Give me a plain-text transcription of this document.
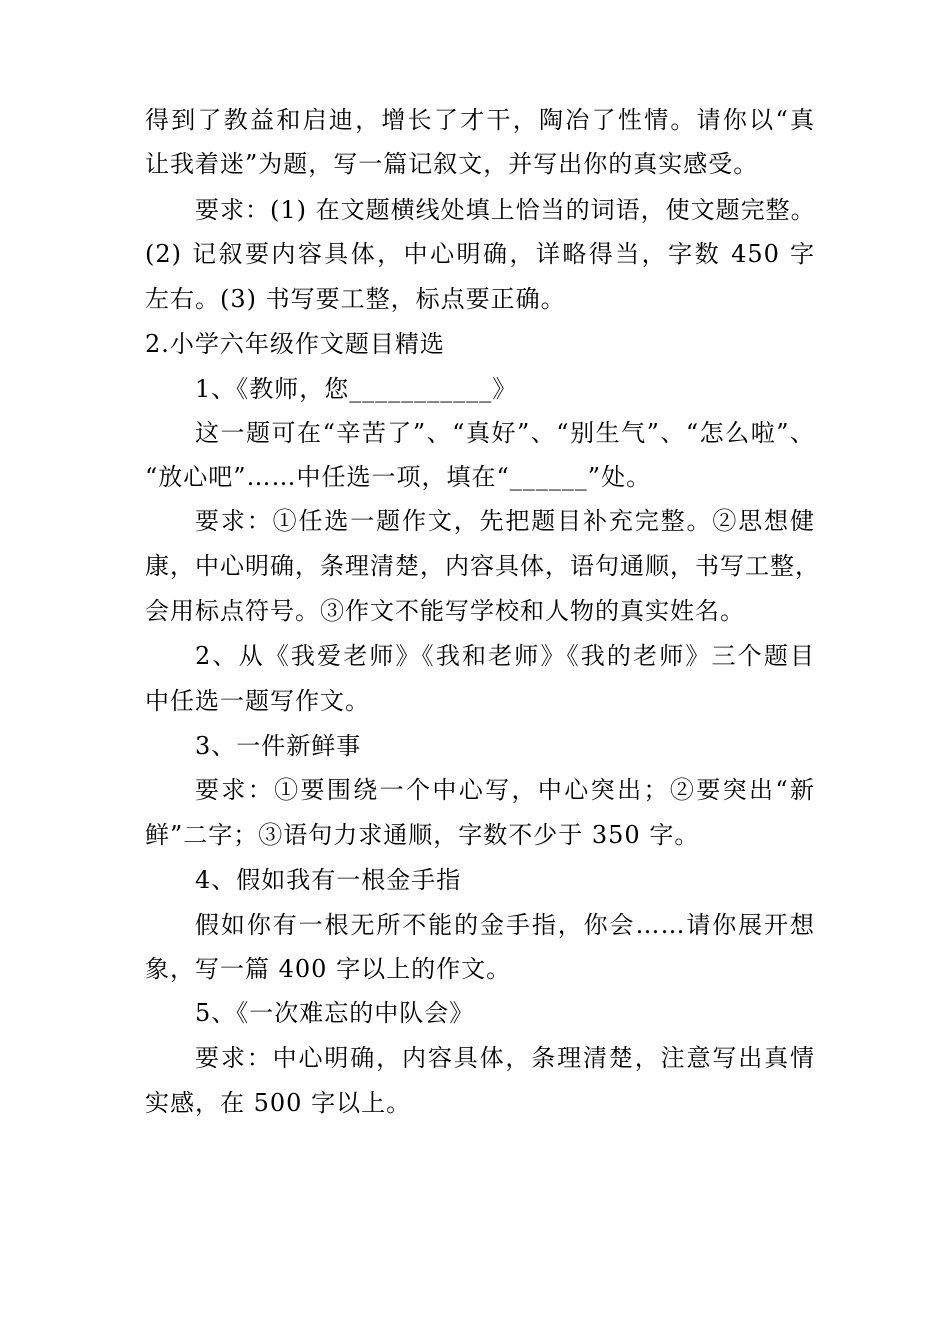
得到了教益和启迪，增长了才干，陶冶了性情。请你以“真
让我着迷”为题，写一篇记叙文，并写出你的真实感受。
要求：(1) 在文题横线处填上恰当的词语，使文题完整。
(2) 记叙要内容具体，中心明确，详略得当，字数 450 字
左右。(3) 书写要工整，标点要正确。
2.小学六年级作文题目精选
1、《教师，您___________》
这一题可在“辛苦了”、“真好”、“别生气”、“怎么啦”、
“放心吧”……中任选一项，填在“______”处。
要求：①任选一题作文，先把题目补充完整。②思想健
康，中心明确，条理清楚，内容具体，语句通顺，书写工整，
会用标点符号。③作文不能写学校和人物的真实姓名。
2、从《我爱老师》《我和老师》《我的老师》三个题目
中任选一题写作文。
3、一件新鲜事
要求：①要围绕一个中心写，中心突出；②要突出“新
鲜”二字；③语句力求通顺，字数不少于 350 字。
4、假如我有一根金手指
假如你有一根无所不能的金手指，你会……请你展开想
象，写一篇 400 字以上的作文。
5、《一次难忘的中队会》
要求：中心明确，内容具体，条理清楚，注意写出真情
实感，在 500 字以上。
